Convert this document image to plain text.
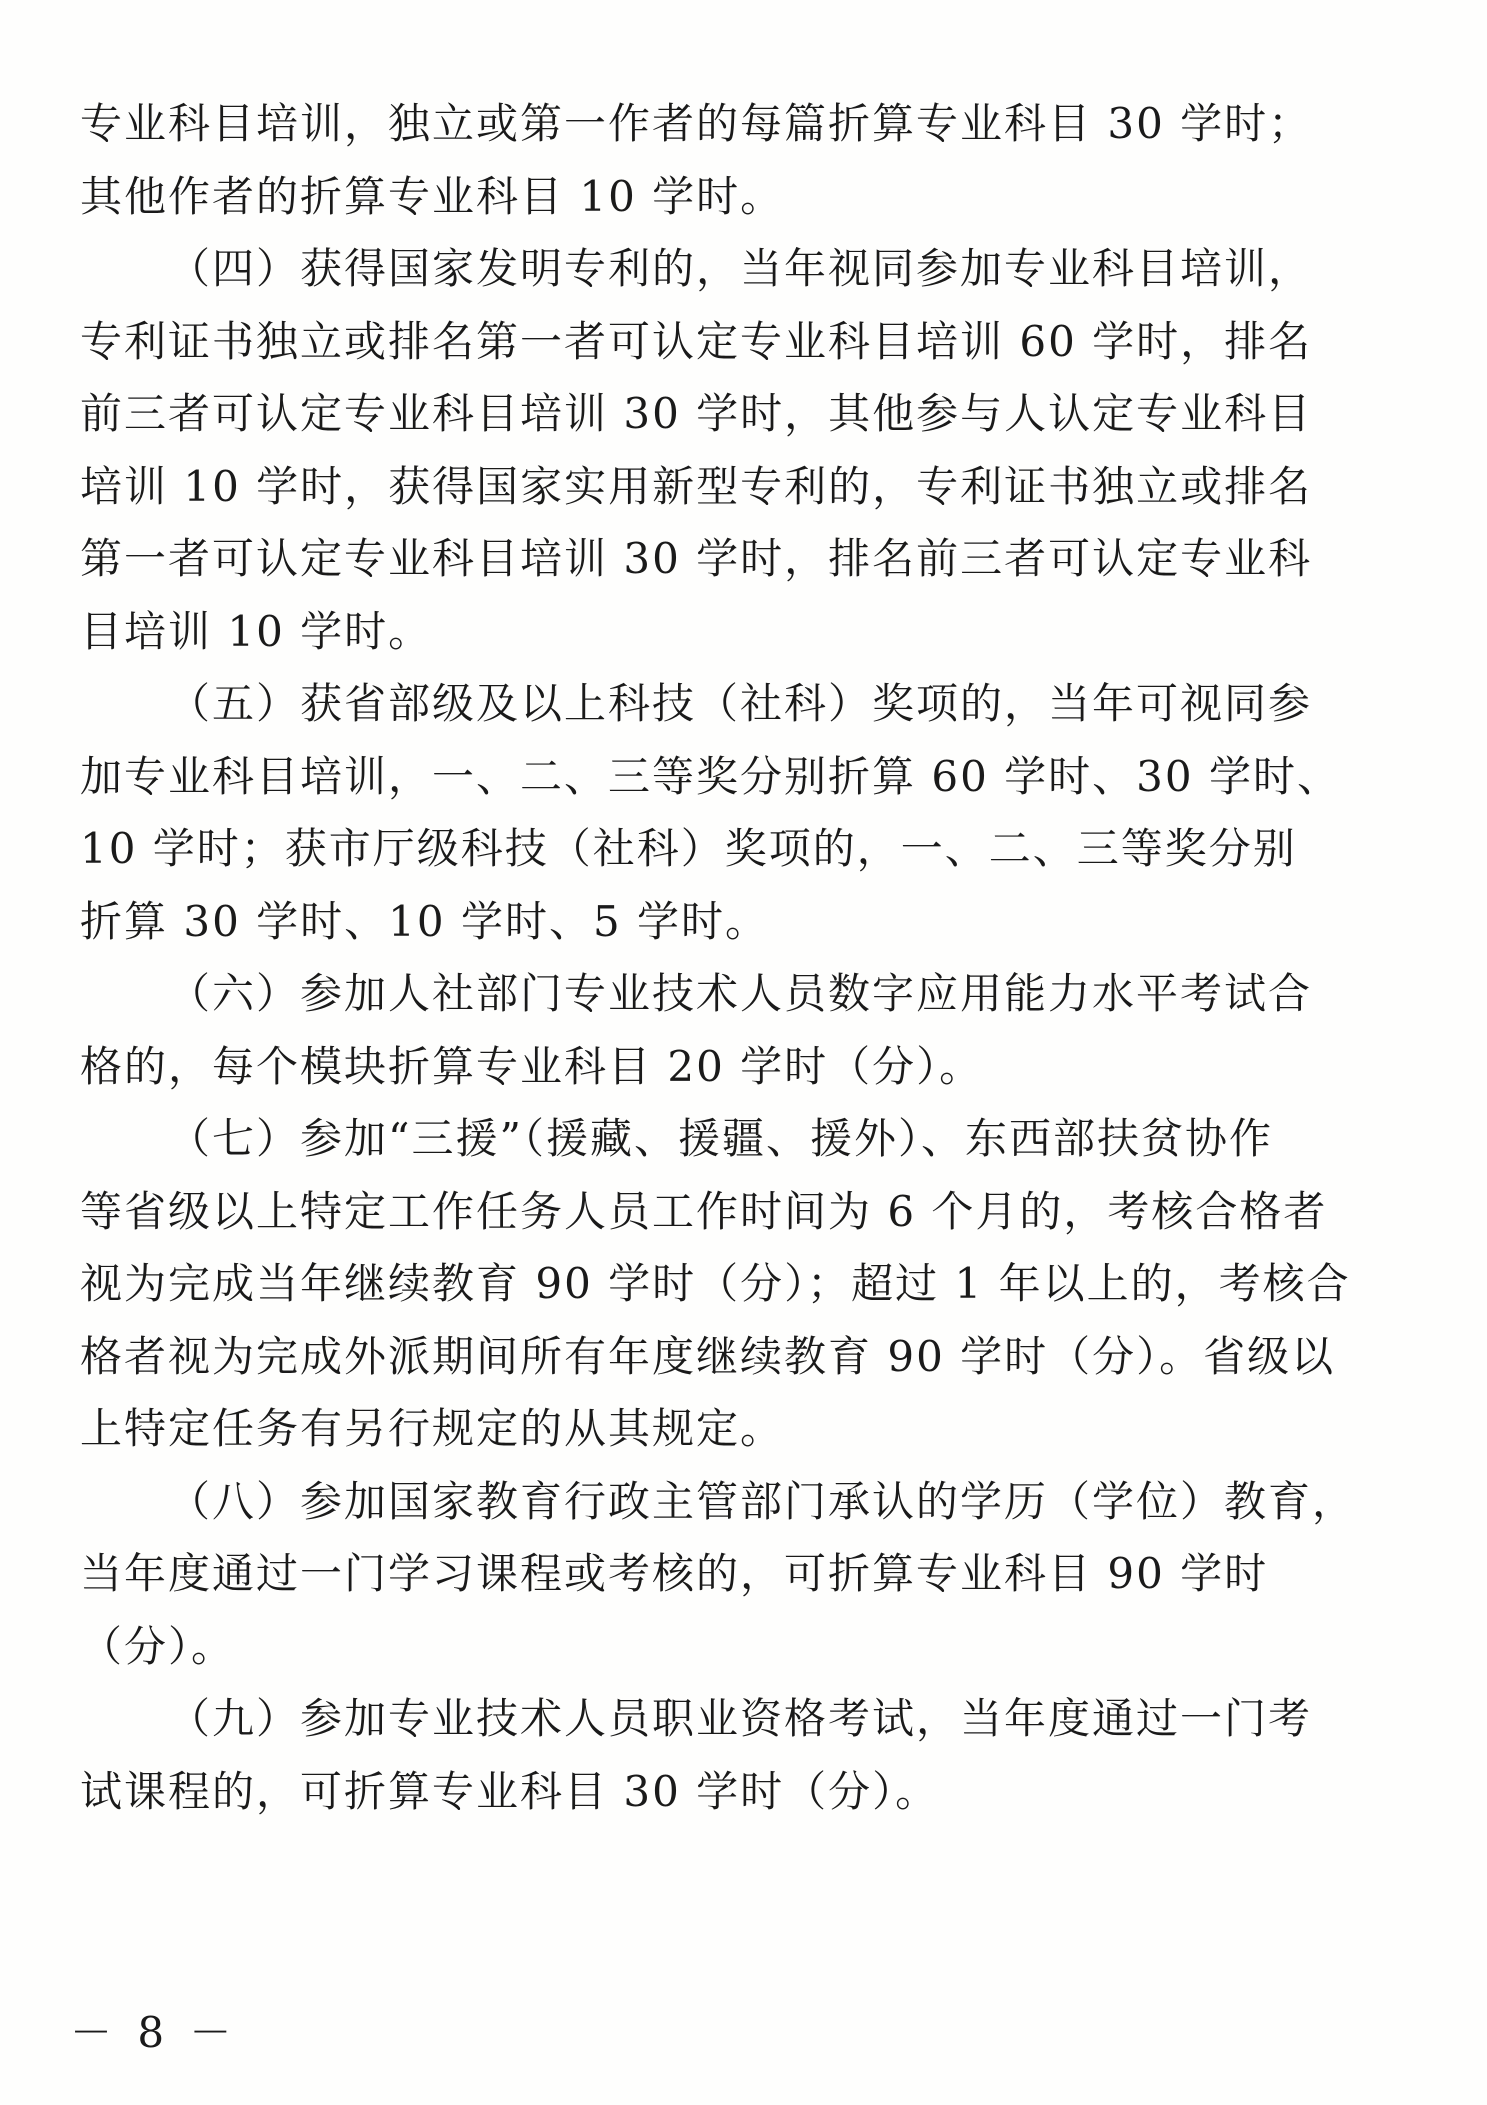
专业科目培训，独立或第一作者的每篇折算专业科目 30 学时；
其他作者的折算专业科目 10 学时。

（四）获得国家发明专利的，当年视同参加专业科目培训，
专利证书独立或排名第一者可认定专业科目培训 60 学时，排名
前三者可认定专业科目培训 30 学时，其他参与人认定专业科目
培训 10 学时，获得国家实用新型专利的，专利证书独立或排名
第一者可认定专业科目培训 30 学时，排名前三者可认定专业科
目培训 10 学时。

（五）获省部级及以上科技（社科）奖项的，当年可视同参
加专业科目培训，一、二、三等奖分别折算 60 学时、30 学时、
10 学时；获市厅级科技（社科）奖项的，一、二、三等奖分别
折算 30 学时、10 学时、5 学时。

（六）参加人社部门专业技术人员数字应用能力水平考试合
格的，每个模块折算专业科目 20 学时（分）。

（七）参加“三援”（援藏、援疆、援外）、东西部扶贫协作
等省级以上特定工作任务人员工作时间为 6 个月的，考核合格者
视为完成当年继续教育 90 学时（分）；超过 1 年以上的，考核合
格者视为完成外派期间所有年度继续教育 90 学时（分）。省级以
上特定任务有另行规定的从其规定。

（八）参加国家教育行政主管部门承认的学历（学位）教育，
当年度通过一门学习课程或考核的，可折算专业科目 90 学时
（分）。

（九）参加专业技术人员职业资格考试，当年度通过一门考
试课程的，可折算专业科目 30 学时（分）。

－ 8 －
